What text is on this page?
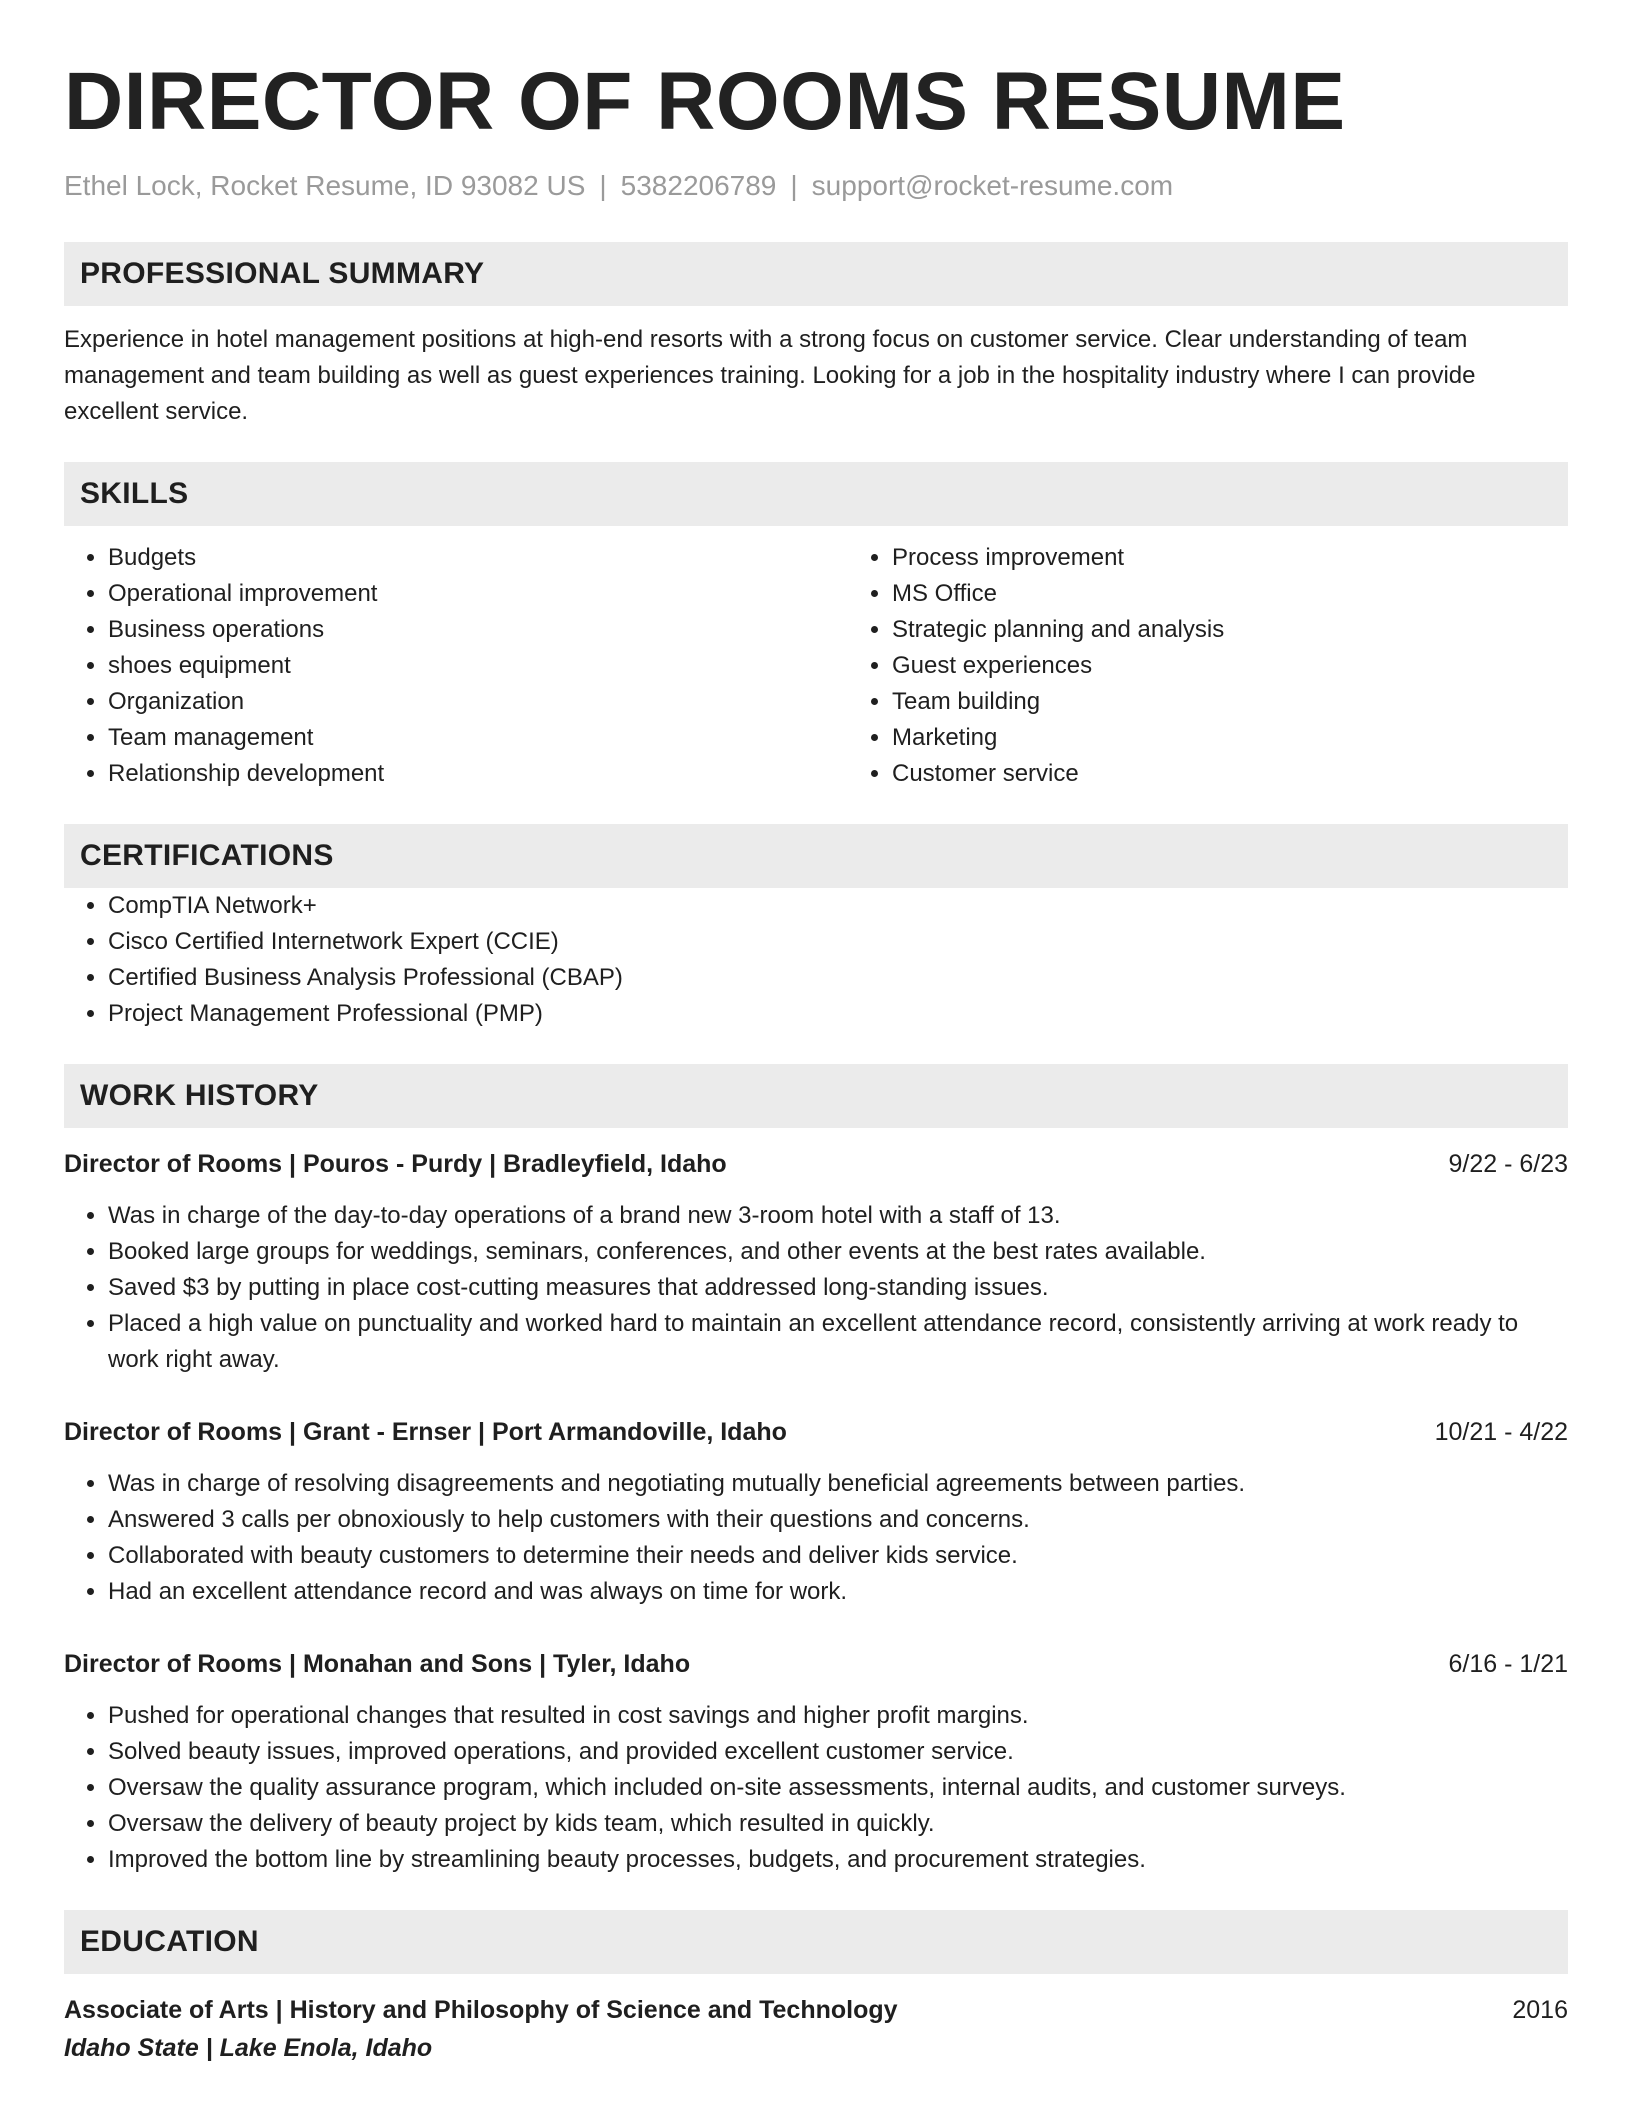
DIRECTOR OF ROOMS RESUME
Ethel Lock, Rocket Resume, ID 93082 US | 5382206789 | support@rocket-resume.com
PROFESSIONAL SUMMARY
Experience in hotel management positions at high-end resorts with a strong focus on customer service. Clear understanding of team management and team building as well as guest experiences training. Looking for a job in the hospitality industry where I can provide excellent service.
SKILLS
• Budgets
• Operational improvement
• Business operations
• shoes equipment
• Organization
• Team management
• Relationship development
• Process improvement
• MS Office
• Strategic planning and analysis
• Guest experiences
• Team building
• Marketing
• Customer service
CERTIFICATIONS
• CompTIA Network+
• Cisco Certified Internetwork Expert (CCIE)
• Certified Business Analysis Professional (CBAP)
• Project Management Professional (PMP)
WORK HISTORY
Director of Rooms | Pouros - Purdy | Bradleyfield, Idaho	9/22 - 6/23
• Was in charge of the day-to-day operations of a brand new 3-room hotel with a staff of 13.
• Booked large groups for weddings, seminars, conferences, and other events at the best rates available.
• Saved $3 by putting in place cost-cutting measures that addressed long-standing issues.
• Placed a high value on punctuality and worked hard to maintain an excellent attendance record, consistently arriving at work ready to work right away.
Director of Rooms | Grant - Ernser | Port Armandoville, Idaho	10/21 - 4/22
• Was in charge of resolving disagreements and negotiating mutually beneficial agreements between parties.
• Answered 3 calls per obnoxiously to help customers with their questions and concerns.
• Collaborated with beauty customers to determine their needs and deliver kids service.
• Had an excellent attendance record and was always on time for work.
Director of Rooms | Monahan and Sons | Tyler, Idaho	6/16 - 1/21
• Pushed for operational changes that resulted in cost savings and higher profit margins.
• Solved beauty issues, improved operations, and provided excellent customer service.
• Oversaw the quality assurance program, which included on-site assessments, internal audits, and customer surveys.
• Oversaw the delivery of beauty project by kids team, which resulted in quickly.
• Improved the bottom line by streamlining beauty processes, budgets, and procurement strategies.
EDUCATION
Associate of Arts | History and Philosophy of Science and Technology	2016
Idaho State | Lake Enola, Idaho
